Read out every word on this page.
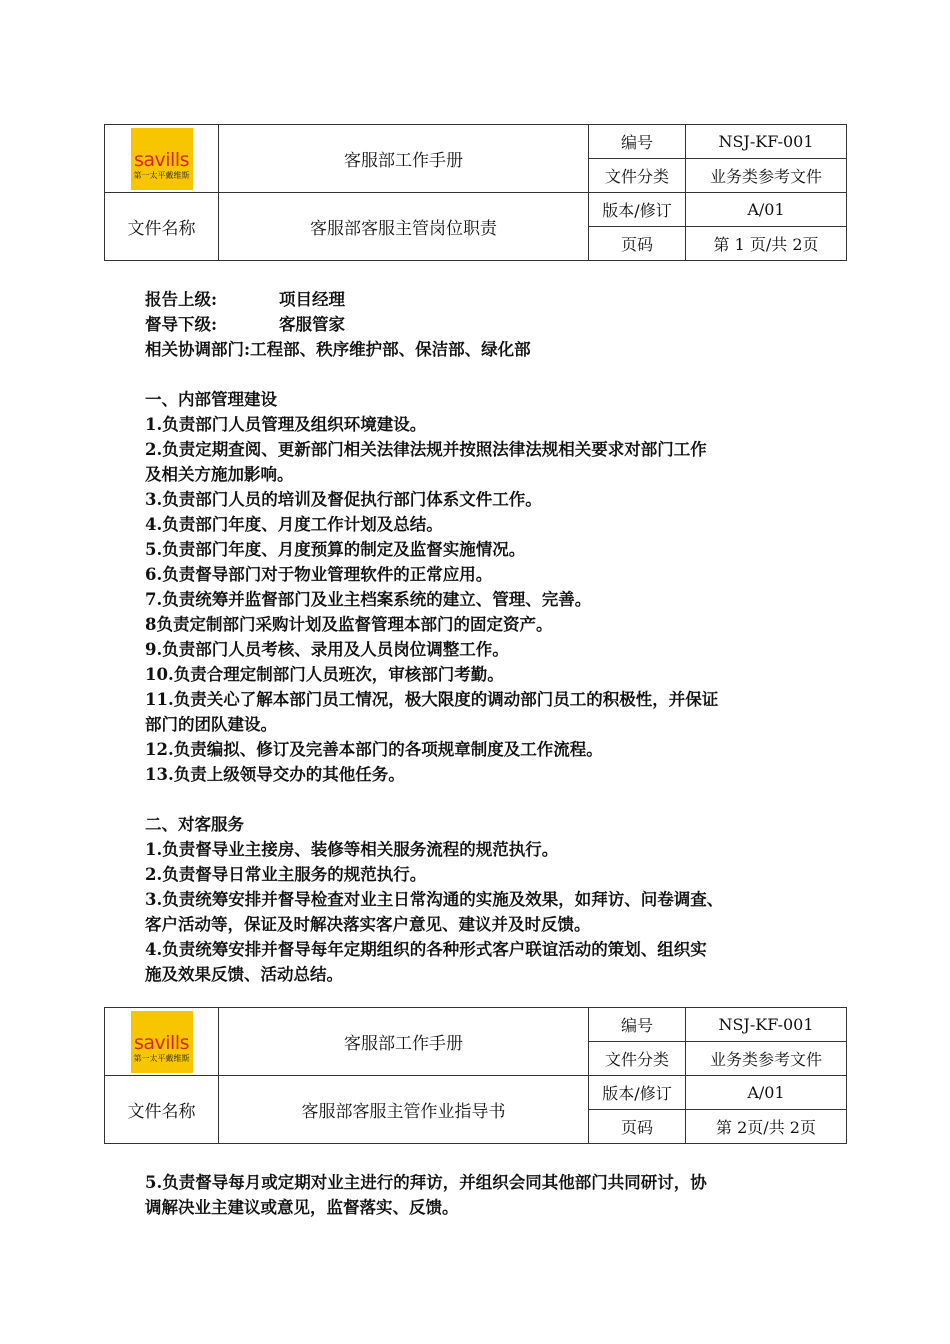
savills
第一太平戴维斯	客服部工作手册	编号	NSJ-KF-001
		文件分类	业务类参考文件
文件名称	客服部客服主管岗位职责	版本/修订	A/01
		页码	第 1 页/共 2页

报告上级:	项目经理

督导下级:	客服管家

相关协调部门:工程部、秩序维护部、保洁部、绿化部

一、内部管理建设

1.负责部门人员管理及组织环境建设。

2.负责定期查阅、更新部门相关法律法规并按照法律法规相关要求对部门工作

及相关方施加影响。

3.负责部门人员的培训及督促执行部门体系文件工作。

4.负责部门年度、月度工作计划及总结。

5.负责部门年度、月度预算的制定及监督实施情况。

6.负责督导部门对于物业管理软件的正常应用。

7.负责统筹并监督部门及业主档案系统的建立、管理、完善。

8负责定制部门采购计划及监督管理本部门的固定资产。

9.负责部门人员考核、录用及人员岗位调整工作。

10.负责合理定制部门人员班次，审核部门考勤。

11.负责关心了解本部门员工情况，极大限度的调动部门员工的积极性，并保证

部门的团队建设。

12.负责编拟、修订及完善本部门的各项规章制度及工作流程。

13.负责上级领导交办的其他任务。

二、对客服务

1.负责督导业主接房、装修等相关服务流程的规范执行。

2.负责督导日常业主服务的规范执行。

3.负责统筹安排并督导检查对业主日常沟通的实施及效果，如拜访、问卷调查、

客户活动等，保证及时解决落实客户意见、建议并及时反馈。

4.负责统筹安排并督导每年定期组织的各种形式客户联谊活动的策划、组织实

施及效果反馈、活动总结。

savills
第一太平戴维斯	客服部工作手册	编号	NSJ-KF-001
		文件分类	业务类参考文件
文件名称	客服部客服主管作业指导书	版本/修订	A/01
		页码	第 2页/共 2页

5.负责督导每月或定期对业主进行的拜访，并组织会同其他部门共同研讨，协

调解决业主建议或意见，监督落实、反馈。
